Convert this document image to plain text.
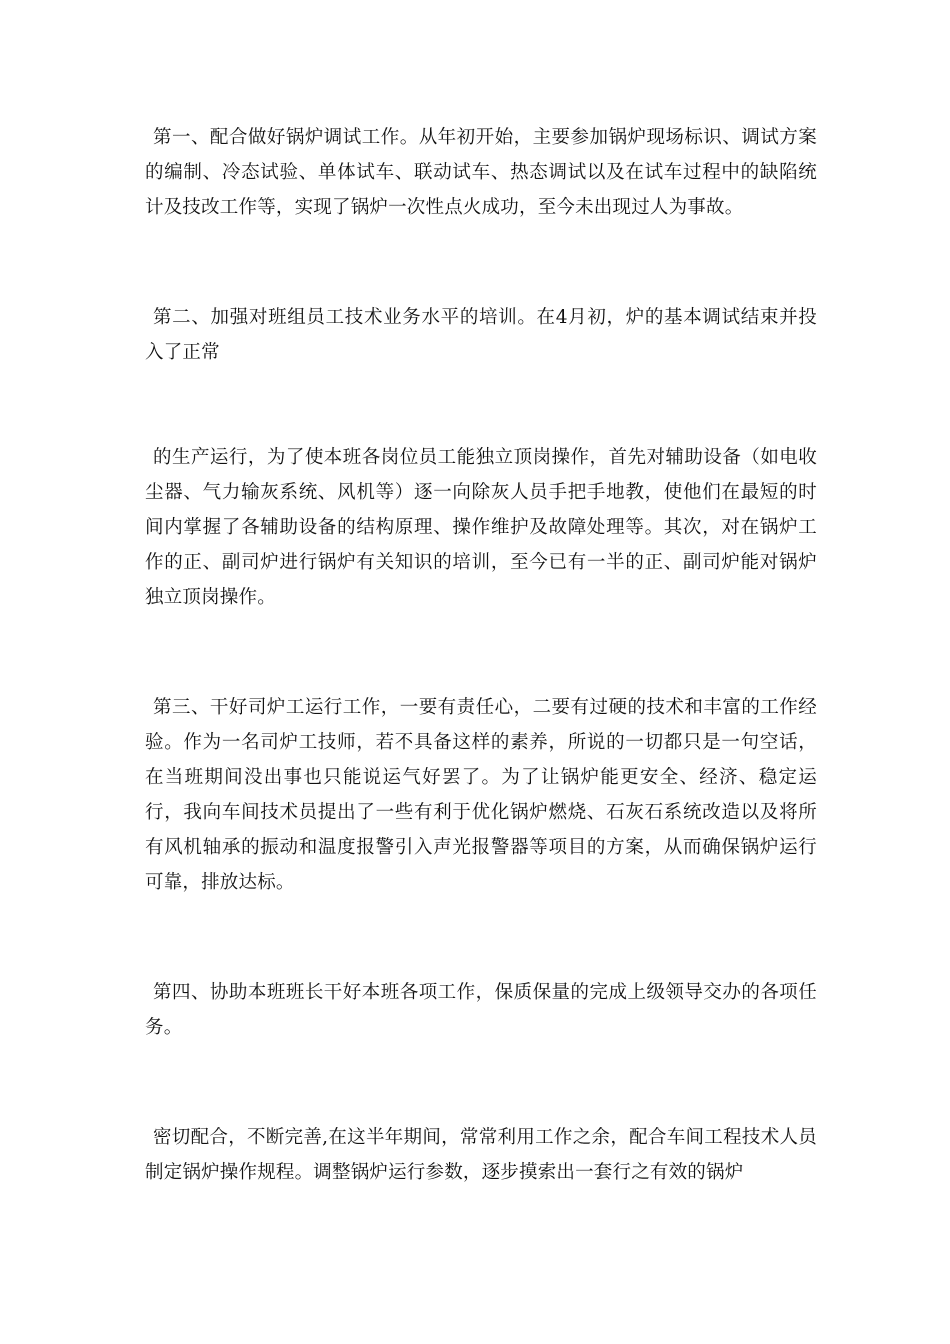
第一、配合做好锅炉调试工作。从年初开始，主要参加锅炉现场标识、调试方案的编制、冷态试验、单体试车、联动试车、热态调试以及在试车过程中的缺陷统计及技改工作等，实现了锅炉一次性点火成功，至今未出现过人为事故。

第二、加强对班组员工技术业务水平的培训。在4月初，炉的基本调试结束并投入了正常

的生产运行，为了使本班各岗位员工能独立顶岗操作，首先对辅助设备（如电收尘器、气力输灰系统、风机等）逐一向除灰人员手把手地教，使他们在最短的时间内掌握了各辅助设备的结构原理、操作维护及故障处理等。其次，对在锅炉工作的正、副司炉进行锅炉有关知识的培训，至今已有一半的正、副司炉能对锅炉独立顶岗操作。

第三、干好司炉工运行工作，一要有责任心，二要有过硬的技术和丰富的工作经验。作为一名司炉工技师，若不具备这样的素养，所说的一切都只是一句空话，在当班期间没出事也只能说运气好罢了。为了让锅炉能更安全、经济、稳定运行，我向车间技术员提出了一些有利于优化锅炉燃烧、石灰石系统改造以及将所有风机轴承的振动和温度报警引入声光报警器等项目的方案，从而确保锅炉运行可靠，排放达标。

第四、协助本班班长干好本班各项工作，保质保量的完成上级领导交办的各项任务。

密切配合，不断完善,在这半年期间，常常利用工作之余，配合车间工程技术人员制定锅炉操作规程。调整锅炉运行参数，逐步摸索出一套行之有效的锅炉
